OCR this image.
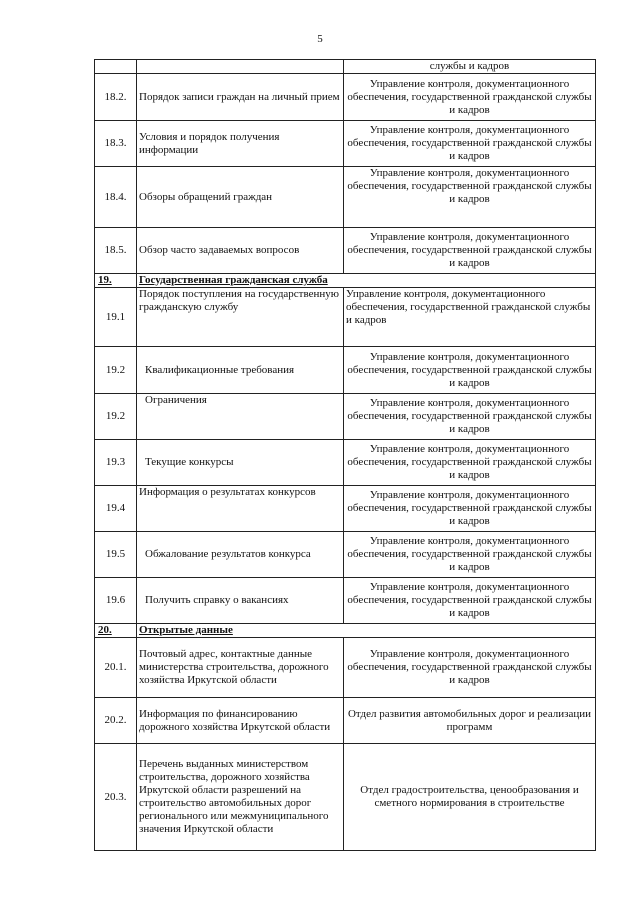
5
		службы и кадров
18.2.	Порядок записи граждан на личный прием	Управление контроля, документационного обеспечения, государственной гражданской службы и кадров
18.3.	Условия и порядок получения информации	Управление контроля, документационного обеспечения, государственной гражданской службы и кадров
18.4.	Обзоры обращений граждан	Управление контроля, документационного обеспечения, государственной гражданской службы и кадров
18.5.	Обзор часто задаваемых вопросов	Управление контроля, документационного обеспечения, государственной гражданской службы и кадров
19.	Государственная гражданская служба	
19.1	Порядок поступления на государственную гражданскую службу	Управление контроля, документационного обеспечения, государственной гражданской службы и кадров
19.2	Квалификационные требования	Управление контроля, документационного обеспечения, государственной гражданской службы и кадров
19.2	Ограничения	Управление контроля, документационного обеспечения, государственной гражданской службы и кадров
19.3	Текущие конкурсы	Управление контроля, документационного обеспечения, государственной гражданской службы и кадров
19.4	Информация о результатах конкурсов	Управление контроля, документационного обеспечения, государственной гражданской службы и кадров
19.5	Обжалование результатов конкурса	Управление контроля, документационного обеспечения, государственной гражданской службы и кадров
19.6	Получить справку о вакансиях	Управление контроля, документационного обеспечения, государственной гражданской службы и кадров
20.	Открытые данные	
20.1.	Почтовый адрес, контактные данные министерства строительства, дорожного хозяйства Иркутской области	Управление контроля, документационного обеспечения, государственной гражданской службы и кадров
20.2.	Информация по финансированию дорожного хозяйства Иркутской области	Отдел развития автомобильных дорог и реализации программ
20.3.	Перечень выданных министерством строительства, дорожного хозяйства Иркутской области разрешений на строительство автомобильных дорог регионального или межмуниципального значения Иркутской области	Отдел градостроительства, ценообразования и сметного нормирования в строительстве
